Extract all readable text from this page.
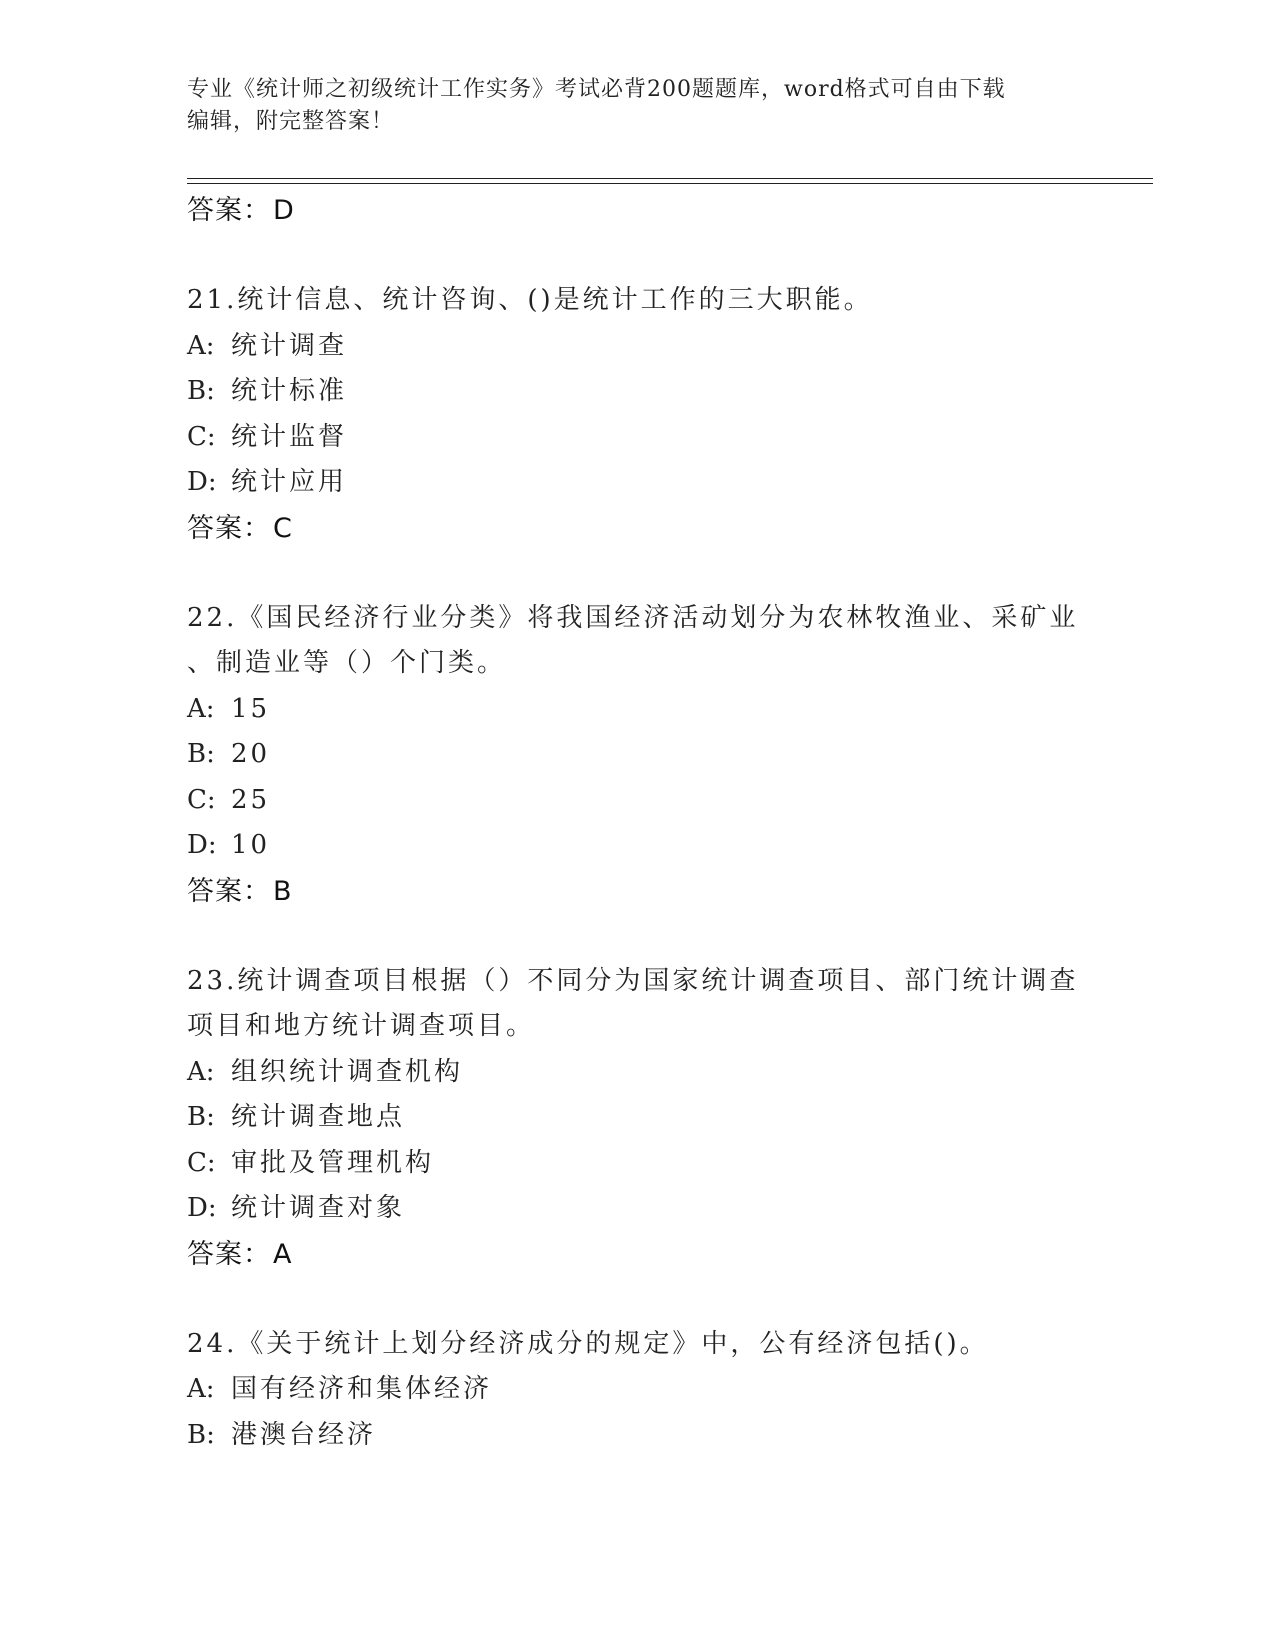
专业《统计师之初级统计工作实务》考试必背200题题库，word格式可自由下载
编辑，附完整答案！
答案：D
21.统计信息、统计咨询、()是统计工作的三大职能。
A: 统计调查
B: 统计标准
C: 统计监督
D: 统计应用
答案：C
22.《国民经济行业分类》将我国经济活动划分为农林牧渔业、采矿业
、制造业等（）个门类。
A: 15
B: 20
C: 25
D: 10
答案：B
23.统计调查项目根据（）不同分为国家统计调查项目、部门统计调查
项目和地方统计调查项目。
A: 组织统计调查机构
B: 统计调查地点
C: 审批及管理机构
D: 统计调查对象
答案：A
24.《关于统计上划分经济成分的规定》中，公有经济包括()。
A: 国有经济和集体经济
B: 港澳台经济
